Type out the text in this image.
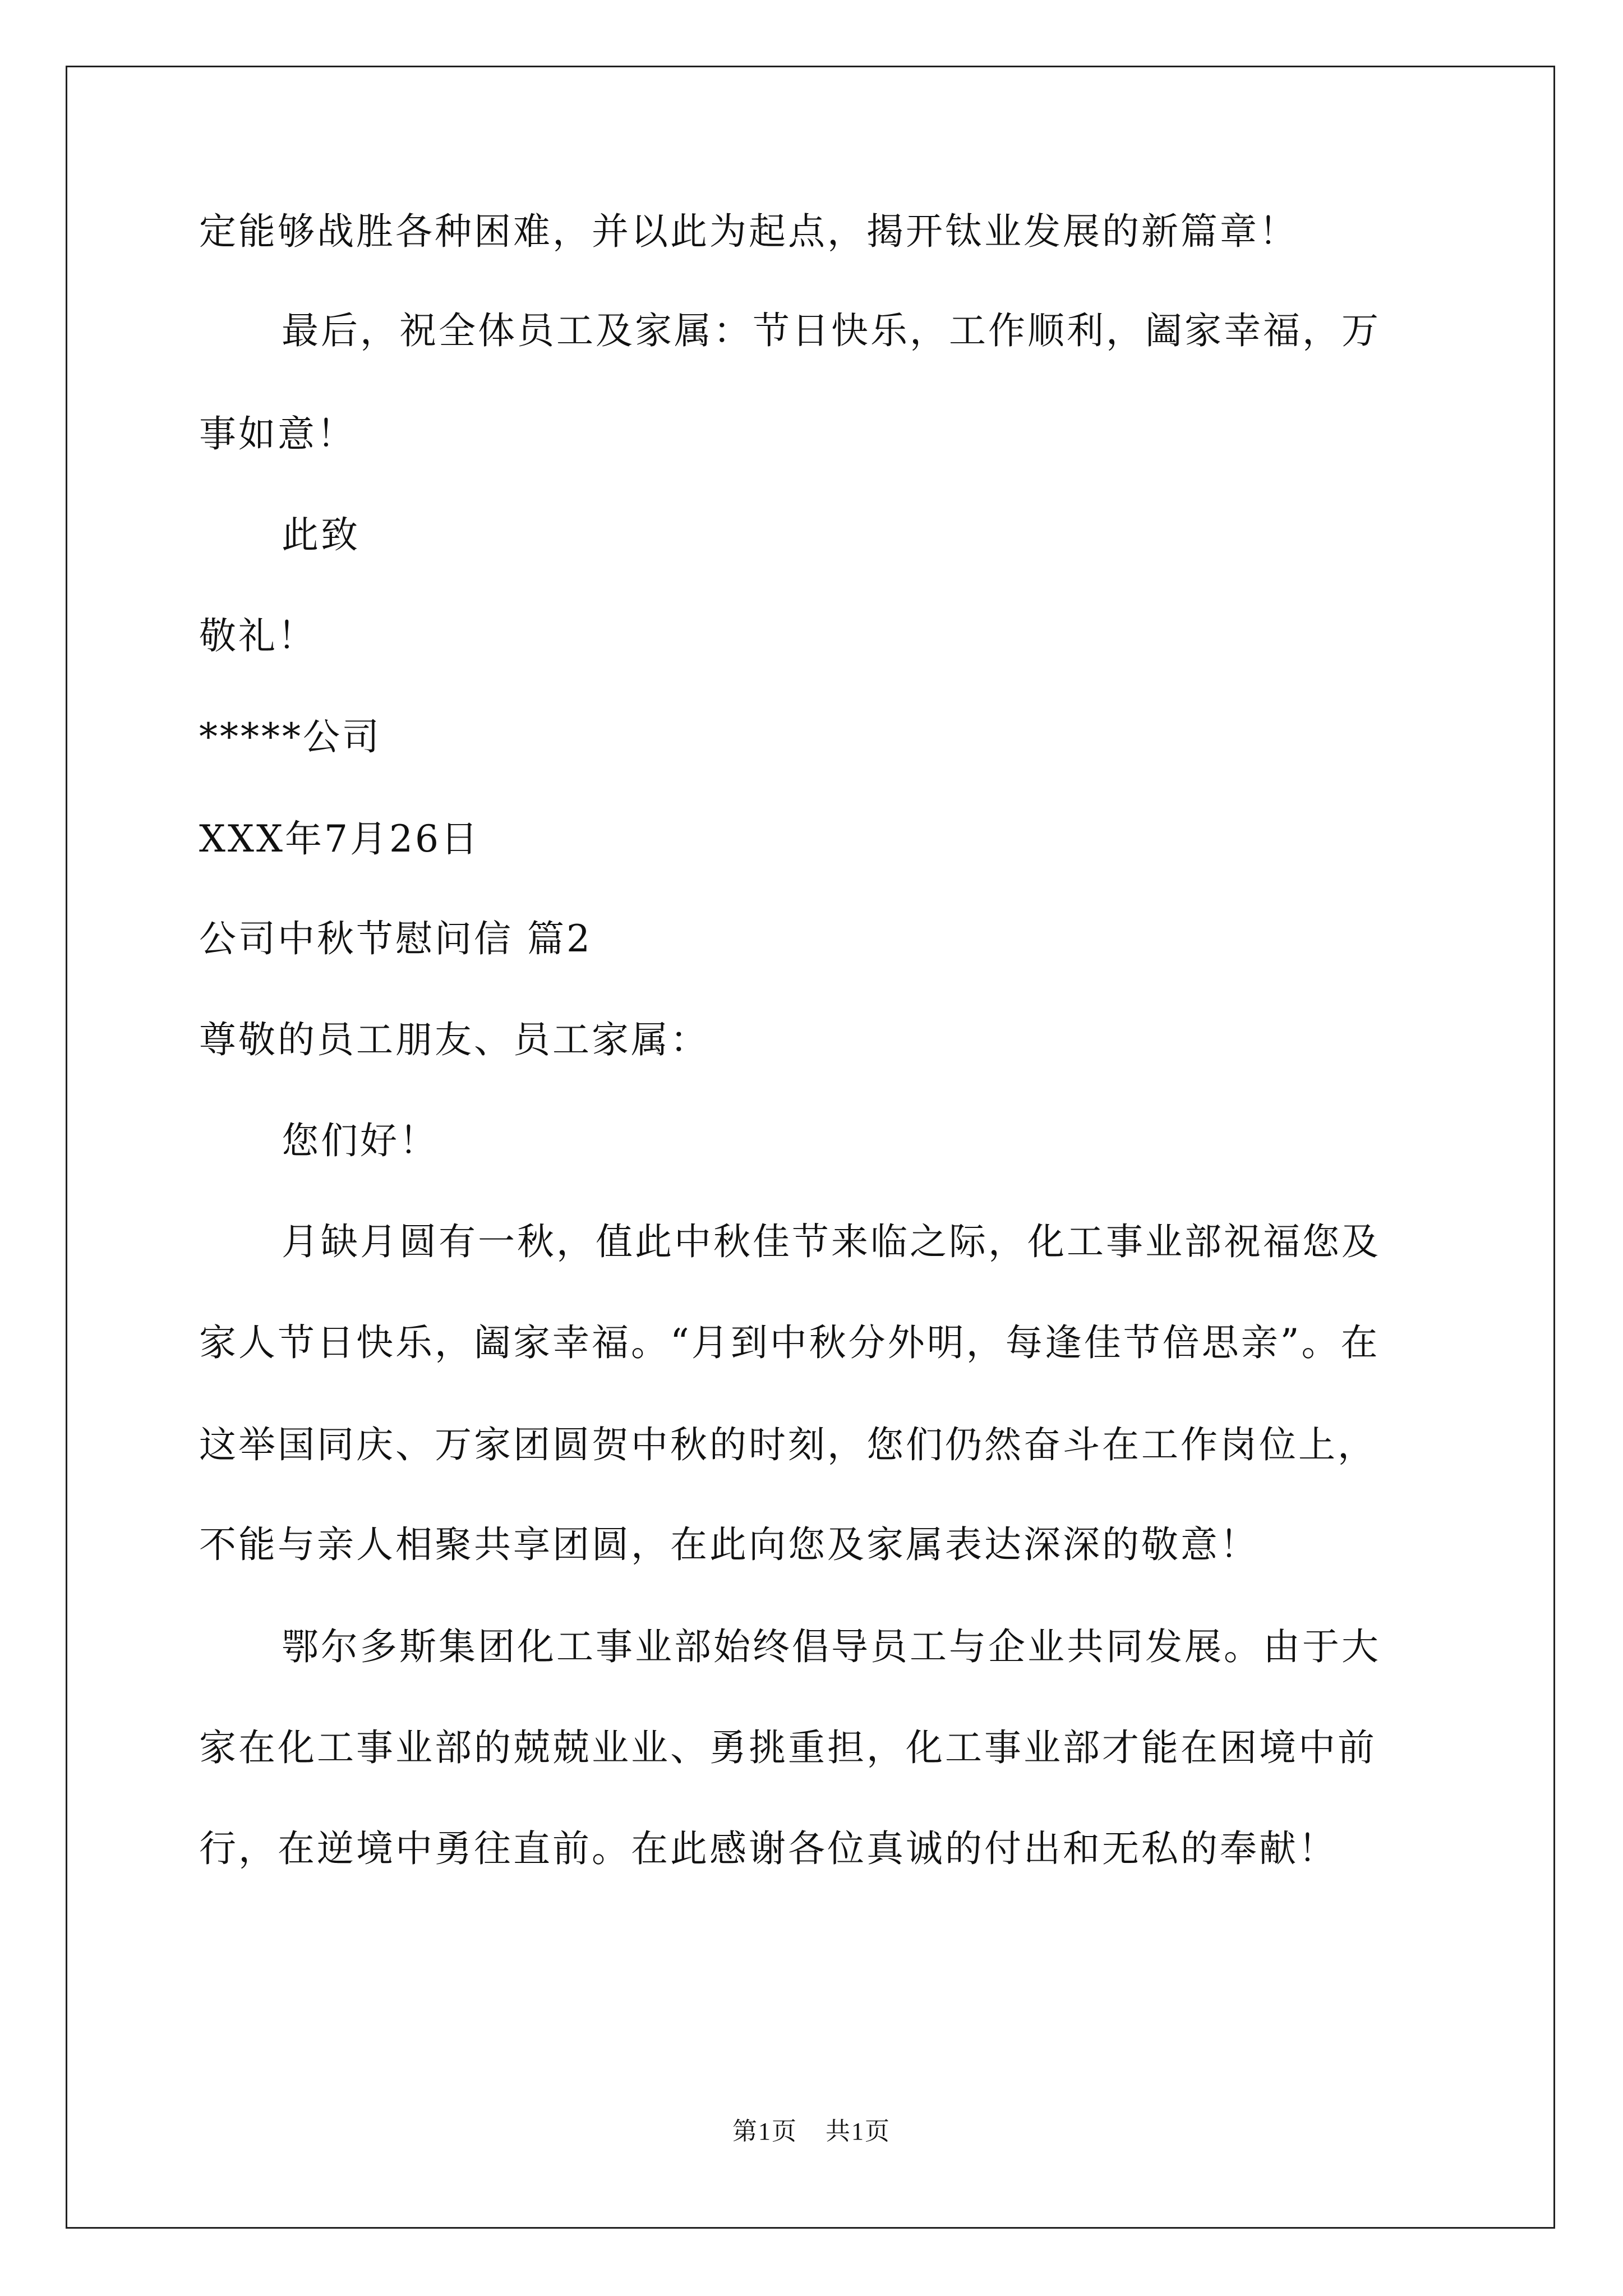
定能够战胜各种困难，并以此为起点，揭开钛业发展的新篇章！
最后，祝全体员工及家属：节日快乐，工作顺利，阖家幸福，万
事如意！
此致
敬礼！
*****公司
XXX年7月26日
公司中秋节慰问信 篇2
尊敬的员工朋友、员工家属：
您们好！
月缺月圆有一秋，值此中秋佳节来临之际，化工事业部祝福您及
家人节日快乐，阖家幸福。“月到中秋分外明，每逢佳节倍思亲”。在
这举国同庆、万家团圆贺中秋的时刻，您们仍然奋斗在工作岗位上，
不能与亲人相聚共享团圆，在此向您及家属表达深深的敬意！
鄂尔多斯集团化工事业部始终倡导员工与企业共同发展。由于大
家在化工事业部的兢兢业业、勇挑重担，化工事业部才能在困境中前
行，在逆境中勇往直前。在此感谢各位真诚的付出和无私的奉献！
第1页 共1页
